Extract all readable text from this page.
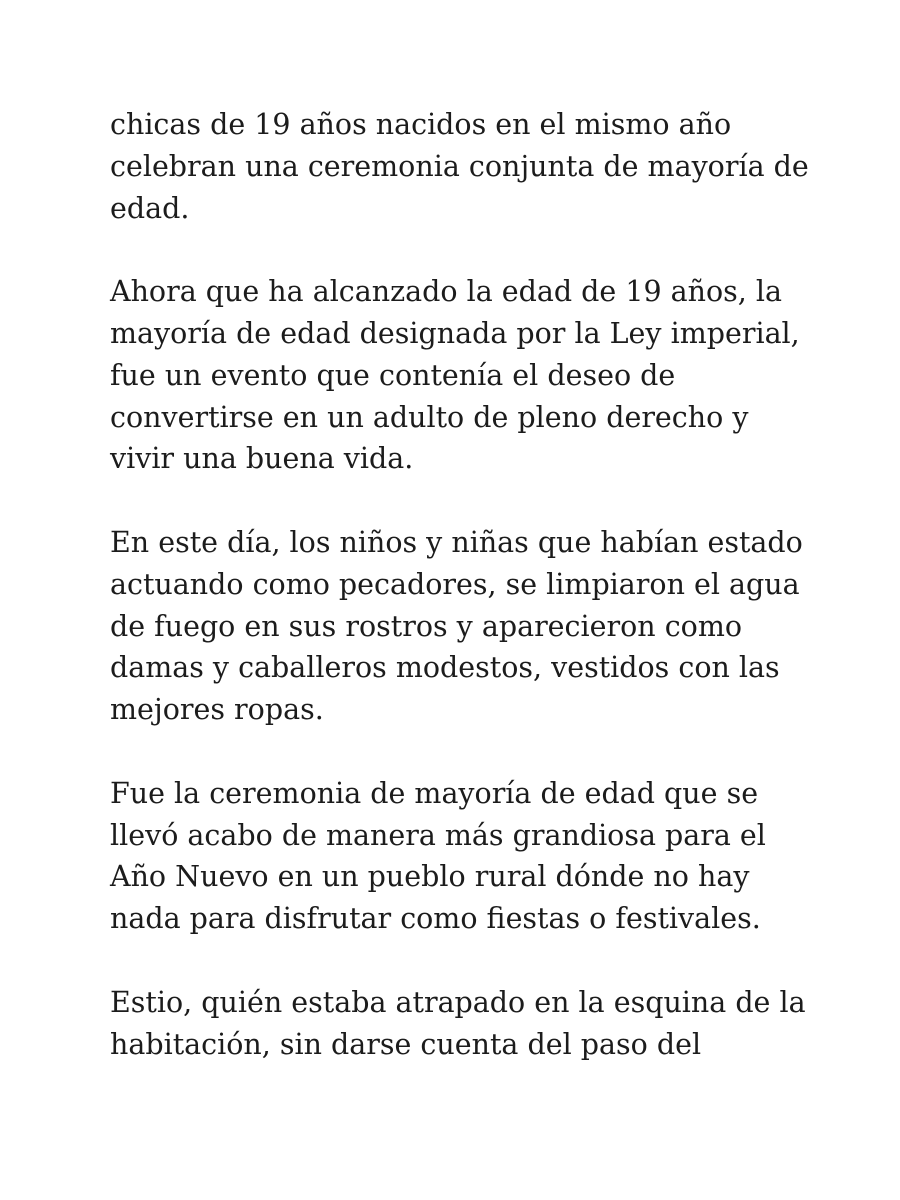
chicas de 19 años nacidos en el mismo año
celebran una ceremonia conjunta de mayoría de
edad.

Ahora que ha alcanzado la edad de 19 años, la
mayoría de edad designada por la Ley imperial,
fue un evento que contenía el deseo de
convertirse en un adulto de pleno derecho y
vivir una buena vida.

En este día, los niños y niñas que habían estado
actuando como pecadores, se limpiaron el agua
de fuego en sus rostros y aparecieron como
damas y caballeros modestos, vestidos con las
mejores ropas.

Fue la ceremonia de mayoría de edad que se
llevó acabo de manera más grandiosa para el
Año Nuevo en un pueblo rural dónde no hay
nada para disfrutar como fiestas o festivales.

Estio, quién estaba atrapado en la esquina de la
habitación, sin darse cuenta del paso del
